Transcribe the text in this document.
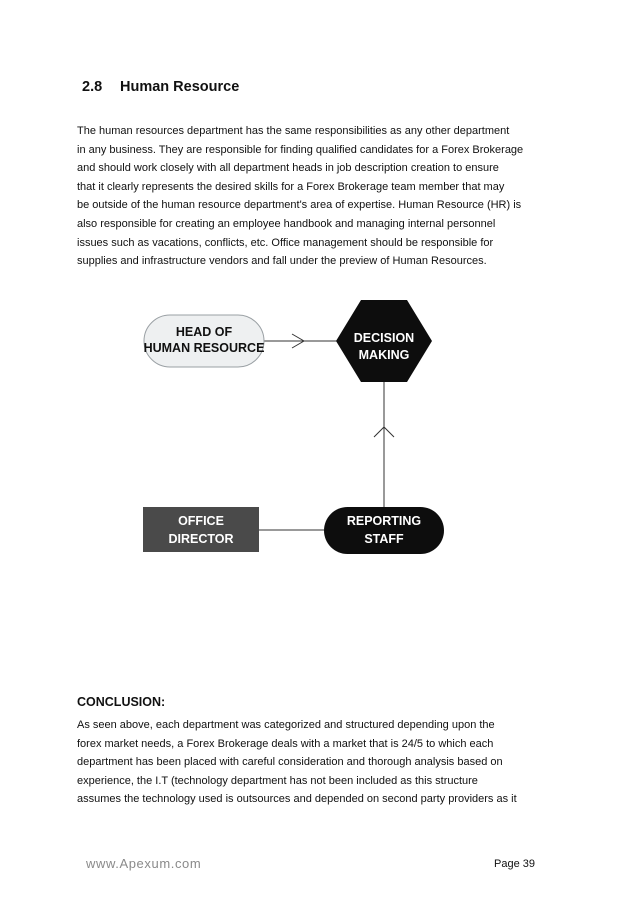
2.8 Human Resource
The human resources department has the same responsibilities as any other department
in any business. They are responsible for finding qualified candidates for a Forex Brokerage
and should work closely with all department heads in job description creation to ensure
that it clearly represents the desired skills for a Forex Brokerage team member that may
be outside of the human resource department's area of expertise. Human Resource (HR) is
also responsible for creating an employee handbook and managing internal personnel
issues such as vacations, conflicts, etc. Office management should be responsible for
supplies and infrastructure vendors and fall under the preview of Human Resources.
HEAD OF
HUMAN RESOURCE
DECISION
MAKING
OFFICE
DIRECTOR
REPORTING
STAFF
CONCLUSION:
As seen above, each department was categorized and structured depending upon the
forex market needs, a Forex Brokerage deals with a market that is 24/5 to which each
department has been placed with careful consideration and thorough analysis based on
experience, the I.T (technology department has not been included as this structure
assumes the technology used is outsources and depended on second party providers as it
www.Apexum.com	Page 39
